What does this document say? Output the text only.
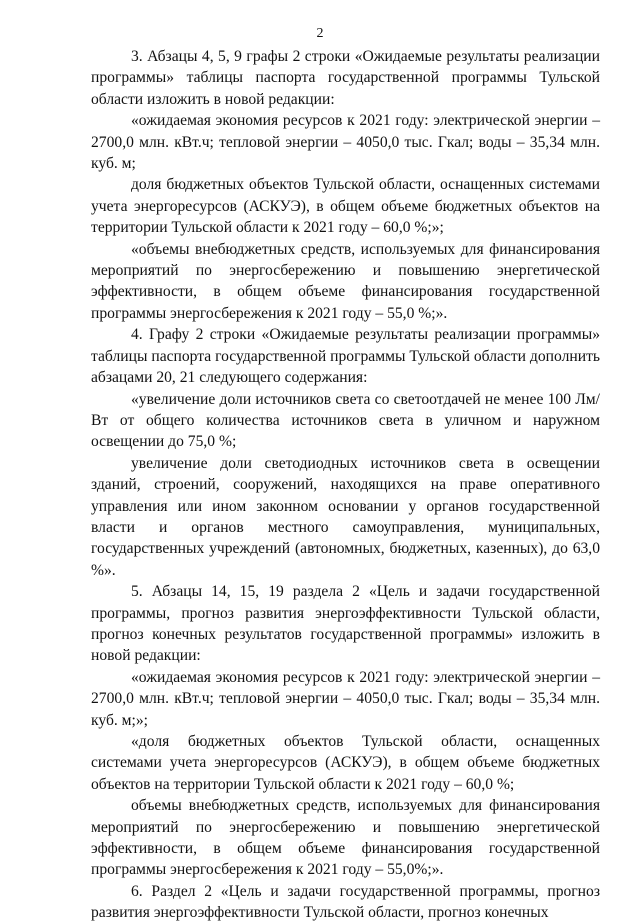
2

3. Абзацы 4, 5, 9 графы 2 строки «Ожидаемые результаты реализации программы» таблицы паспорта государственной программы Тульской области изложить в новой редакции:

«ожидаемая экономия ресурсов к 2021 году: электрической энергии – 2700,0 млн. кВт.ч; тепловой энергии – 4050,0 тыс. Гкал; воды – 35,34 млн. куб. м;

доля бюджетных объектов Тульской области, оснащенных системами учета энергоресурсов (АСКУЭ), в общем объеме бюджетных объектов на территории Тульской области к 2021 году – 60,0 %;»;

«объемы внебюджетных средств, используемых для финансирования мероприятий по энергосбережению и повышению энергетической эффективности, в общем объеме финансирования государственной программы энергосбережения к 2021 году – 55,0 %;».

4. Графу 2 строки «Ожидаемые результаты реализации программы» таблицы паспорта государственной программы Тульской области дополнить абзацами 20, 21 следующего содержания:

«увеличение доли источников света со светоотдачей не менее 100 Лм/Вт от общего количества источников света в уличном и наружном освещении до 75,0 %;

увеличение доли светодиодных источников света в освещении зданий, строений, сооружений, находящихся на праве оперативного управления или ином законном основании у органов государственной власти и органов местного самоуправления, муниципальных, государственных учреждений (автономных, бюджетных, казенных), до 63,0 %».

5. Абзацы 14, 15, 19 раздела 2 «Цель и задачи государственной программы, прогноз развития энергоэффективности Тульской области, прогноз конечных результатов государственной программы» изложить в новой редакции:

«ожидаемая экономия ресурсов к 2021 году: электрической энергии – 2700,0 млн. кВт.ч; тепловой энергии – 4050,0 тыс. Гкал; воды – 35,34 млн. куб. м;»;

«доля бюджетных объектов Тульской области, оснащенных системами учета энергоресурсов (АСКУЭ), в общем объеме бюджетных объектов на территории Тульской области к 2021 году – 60,0 %;

объемы внебюджетных средств, используемых для финансирования мероприятий по энергосбережению и повышению энергетической эффективности, в общем объеме финансирования государственной программы энергосбережения к 2021 году – 55,0%;».

6. Раздел 2 «Цель и задачи государственной программы, прогноз развития энергоэффективности Тульской области, прогноз конечных
